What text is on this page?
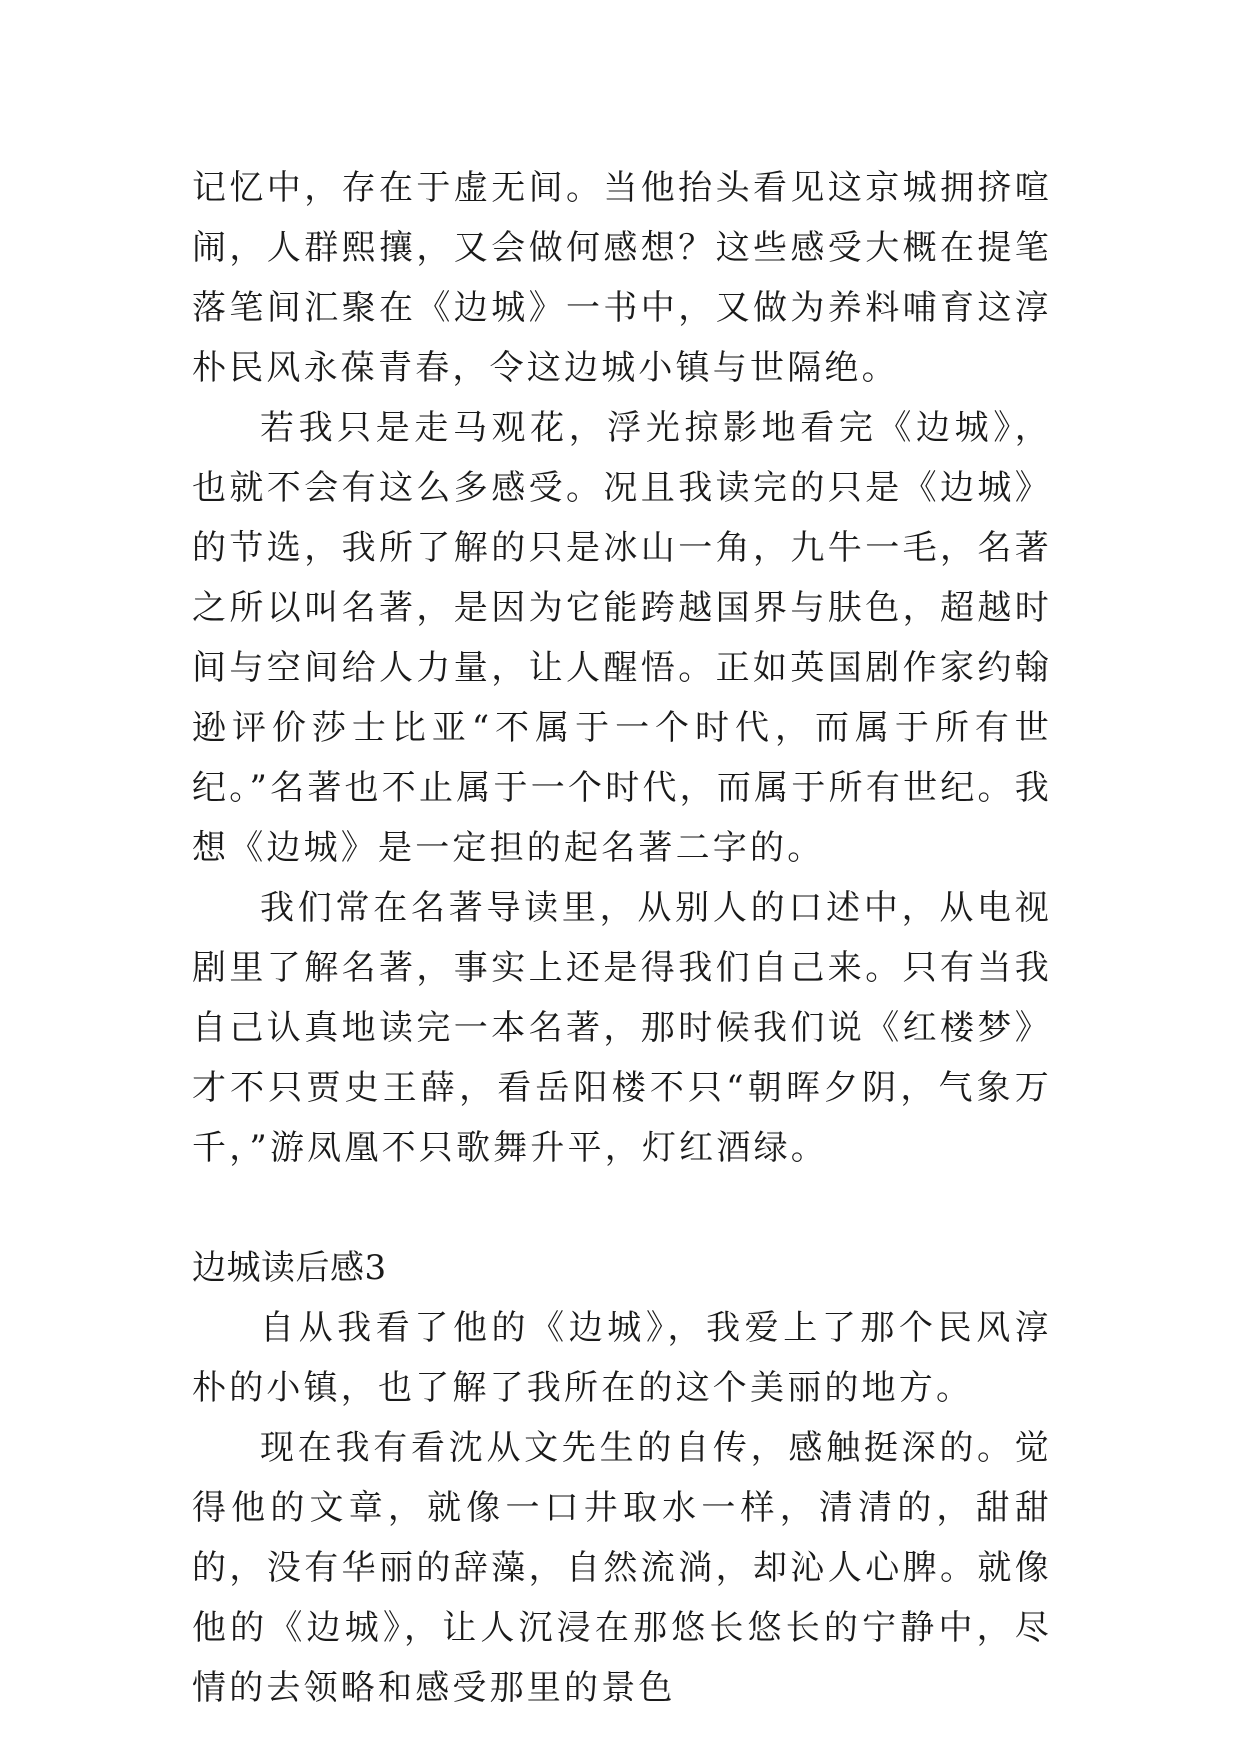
记忆中，存在于虚无间。当他抬头看见这京城拥挤喧闹，人群熙攘，又会做何感想？这些感受大概在提笔落笔间汇聚在《边城》一书中，又做为养料哺育这淳朴民风永葆青春，令这边城小镇与世隔绝。

若我只是走马观花，浮光掠影地看完《边城》，也就不会有这么多感受。况且我读完的只是《边城》的节选，我所了解的只是冰山一角，九牛一毛，名著之所以叫名著，是因为它能跨越国界与肤色，超越时间与空间给人力量，让人醒悟。正如英国剧作家约翰逊评价莎士比亚“不属于一个时代，而属于所有世纪。”名著也不止属于一个时代，而属于所有世纪。我想《边城》是一定担的起名著二字的。

我们常在名著导读里，从别人的口述中，从电视剧里了解名著，事实上还是得我们自己来。只有当我自己认真地读完一本名著，那时候我们说《红楼梦》才不只贾史王薛，看岳阳楼不只“朝晖夕阴，气象万千，”游凤凰不只歌舞升平，灯红酒绿。

边城读后感3

自从我看了他的《边城》，我爱上了那个民风淳朴的小镇，也了解了我所在的这个美丽的地方。

现在我有看沈从文先生的自传，感触挺深的。觉得他的文章，就像一口井取水一样，清清的，甜甜的，没有华丽的辞藻，自然流淌，却沁人心脾。就像他的《边城》，让人沉浸在那悠长悠长的宁静中，尽情的去领略和感受那里的景色
